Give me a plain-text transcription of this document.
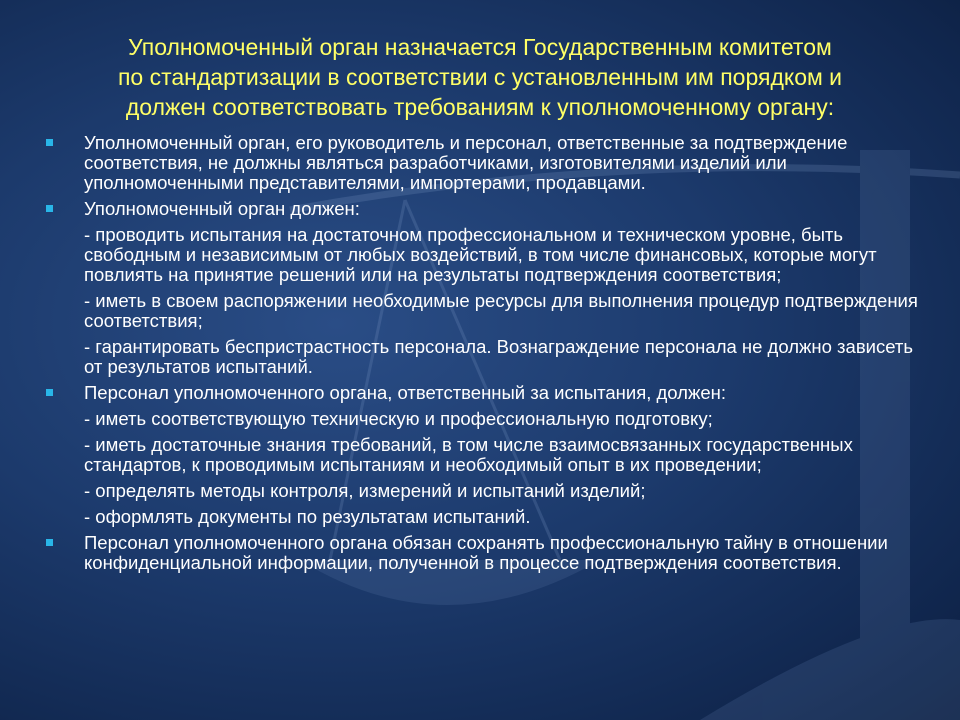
Уполномоченный орган назначается Государственным комитетом
по стандартизации в соответствии с установленным им порядком и
должен соответствовать требованиям к уполномоченному органу:
Уполномоченный орган, его руководитель и персонал, ответственные за подтверждение соответствия, не должны являться разработчиками, изготовителями изделий или уполномоченными представителями, импортерами, продавцами.
Уполномоченный орган должен:
- проводить испытания на достаточном профессиональном и техническом уровне, быть свободным и независимым от любых воздействий, в том числе финансовых, которые могут повлиять на принятие решений или на результаты подтверждения соответствия;
- иметь в своем распоряжении необходимые ресурсы для выполнения процедур подтверждения соответствия;
- гарантировать беспристрастность персонала. Вознаграждение персонала не должно зависеть от результатов испытаний.
Персонал уполномоченного органа, ответственный за испытания, должен:
- иметь соответствующую техническую и профессиональную подготовку;
- иметь достаточные знания требований, в том числе взаимосвязанных государственных стандартов, к проводимым испытаниям и необходимый опыт в их проведении;
- определять методы контроля, измерений и испытаний изделий;
- оформлять документы по результатам испытаний.
Персонал уполномоченного органа обязан сохранять профессиональную тайну в отношении конфиденциальной информации, полученной в процессе подтверждения соответствия.
